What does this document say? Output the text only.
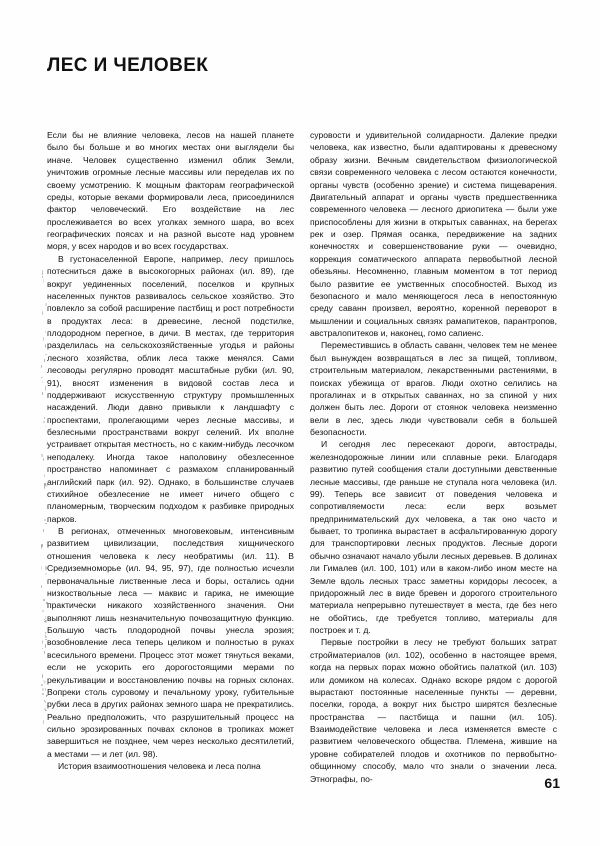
ЛЕС И ЧЕЛОВЕК

Если бы не влияние человека, лесов на нашей планете было бы больше и во многих местах они выглядели бы иначе. Человек существенно изменил облик Земли, уничтожив огромные лесные массивы или переделав их по своему усмотрению. К мощным факторам географической среды, которые веками формировали леса, присоединился фактор человеческий. Его воздействие на лес прослеживается во всех уголках земного шара, во всех географических поясах и на разной высоте над уровнем моря, у всех народов и во всех государствах.

В густонаселенной Европе, например, лесу пришлось потесниться даже в высокогорных районах (ил. 89), где вокруг уединенных поселений, поселков и крупных населенных пунктов развивалось сельское хозяйство. Это повлекло за собой расширение пастбищ и рост потребности в продуктах леса: в древесине, лесной подстилке, плодородном перегное, в дичи. В местах, где территория разделилась на сельскохозяйственные угодья и районы лесного хозяйства, облик леса также менялся. Сами лесоводы регулярно проводят масштабные рубки (ил. 90, 91), вносят изменения в видовой состав леса и поддерживают искусственную структуру промышленных насаждений. Люди давно привыкли к ландшафту с проспектами, пролегающими через лесные массивы, и безлесными пространствами вокруг селений. Их вполне устраивает открытая местность, но с каким-нибудь лесочком неподалеку. Иногда такое наполовину обезлесенное пространство напоминает с размахом спланированный английский парк (ил. 92). Однако, в большинстве случаев стихийное обезлесение не имеет ничего общего с планомерным, творческим подходом к разбивке природных парков.

В регионах, отмеченных многовековым, интенсивным развитием цивилизации, последствия хищнического отношения человека к лесу необратимы (ил. 11). В Средиземноморье (ил. 94, 95, 97), где полностью исчезли первоначальные лиственные леса и боры, остались одни низкоствольные леса — маквис и гарика, не имеющие практически никакого хозяйственного значения. Они выполняют лишь незначительную почвозащитную функцию. Большую часть плодородной почвы унесла эрозия; возобновление леса теперь целиком и полностью в руках всесильного времени. Процесс этот может тянуться веками, если не ускорить его дорогостоящими мерами по рекультивации и восстановлению почвы на горных склонах. Вопреки столь суровому и печальному уроку, губительные рубки леса в других районах земного шара не прекратились. Реально предположить, что разрушительный процесс на сильно эрозированных почвах склонов в тропиках может завершиться не позднее, чем через несколько десятилетий, а местами — и лет (ил. 98).

История взаимоотношения человека и леса полна

суровости и удивительной солидарности. Далекие предки человека, как известно, были адаптированы к древесному образу жизни. Вечным свидетельством физиологической связи современного человека с лесом остаются конечности, органы чувств (особенно зрение) и система пищеварения. Двигательный аппарат и органы чувств предшественника современного человека — лесного дриопитека — были уже приспособлены для жизни в открытых саваннах, на берегах рек и озер. Прямая осанка, передвижение на задних конечностях и совершенствование руки — очевидно, коррекция соматического аппарата первобытной лесной обезьяны. Несомненно, главным моментом в тот период было развитие ее умственных способностей. Выход из безопасного и мало меняющегося леса в непостоянную среду саванн произвел, вероятно, коренной переворот в мышлении и социальных связях рамапитеков, парантропов, австралопитеков и, наконец, гомо сапиенс.

Переместившись в область саванн, человек тем не менее был вынужден возвращаться в лес за пищей, топливом, строительным материалом, лекарственными растениями, в поисках убежища от врагов. Люди охотно селились на прогалинах и в открытых саваннах, но за спиной у них должен быть лес. Дороги от стоянок человека неизменно вели в лес, здесь люди чувствовали себя в большей безопасности.

И сегодня лес пересекают дороги, автострады, железнодорожные линии или сплавные реки. Благодаря развитию путей сообщения стали доступными девственные лесные массивы, где раньше не ступала нога человека (ил. 99). Теперь все зависит от поведения человека и сопротивляемости леса: если верх возьмет предпринимательский дух человека, а так оно часто и бывает, то тропинка вырастает в асфальтированную дорогу для транспортировки лесных продуктов. Лесные дороги обычно означают начало убыли лесных деревьев. В долинах ли Гималев (ил. 100, 101) или в каком-либо ином месте на Земле вдоль лесных трасс заметны коридоры лесосек, а придорожный лес в виде бревен и дорогого строительного материала непрерывно путешествует в места, где без него не обойтись, где требуется топливо, материалы для построек и т. д.

Первые постройки в лесу не требуют больших затрат стройматериалов (ил. 102), особенно в настоящее время, когда на первых порах можно обойтись палаткой (ил. 103) или домиком на колесах. Однако вскоре рядом с дорогой вырастают постоянные населенные пункты — деревни, поселки, города, а вокруг них быстро ширятся безлесные пространства — пастбища и пашни (ил. 105). Взаимодействие человека и леса изменяется вместе с развитием человеческого общества. Племена, жившие на уровне собирателей плодов и охотников по первобытно-общинному способу, мало что знали о значении леса. Этнографы, по-	61
